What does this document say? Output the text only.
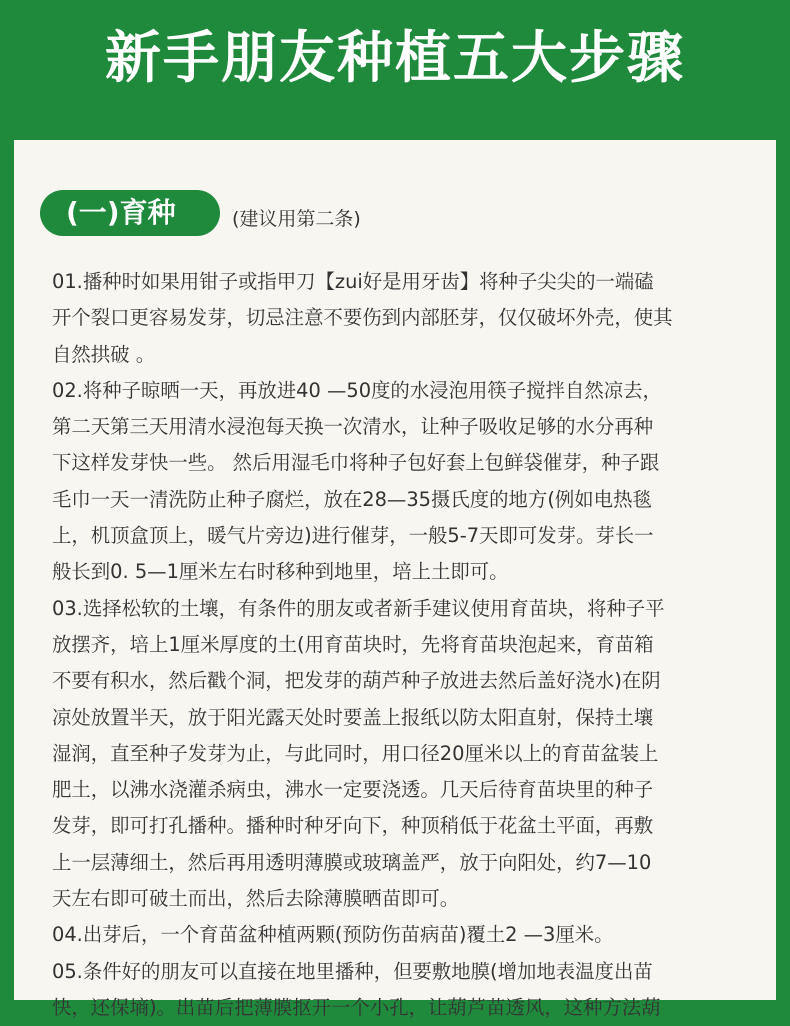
新手朋友种植五大步骤
(一)育种	(建议用第二条)
01.播种时如果用钳子或指甲刀【zui好是用牙齿】将种子尖尖的一端磕
开个裂口更容易发芽，切忌注意不要伤到内部胚芽，仅仅破坏外壳，使其
自然拱破 。
02.将种子晾晒一天，再放进40 —50度的水浸泡用筷子搅拌自然凉去，
第二天第三天用清水浸泡每天换一次清水，让种子吸收足够的水分再种
下这样发芽快一些。 然后用湿毛巾将种子包好套上包鲜袋催芽，种子跟
毛巾一天一清洗防止种子腐烂，放在28—35摄氏度的地方(例如电热毯
上，机顶盒顶上，暖气片旁边)进行催芽，一般5-7天即可发芽。芽长一
般长到0. 5—1厘米左右时移种到地里，培上土即可。
03.选择松软的土壤，有条件的朋友或者新手建议使用育苗块，将种子平
放摆齐，培上1厘米厚度的土(用育苗块时，先将育苗块泡起来，育苗箱
不要有积水，然后戳个洞，把发芽的葫芦种子放进去然后盖好浇水)在阴
凉处放置半天，放于阳光露天处时要盖上报纸以防太阳直射，保持土壤
湿润，直至种子发芽为止，与此同时，用口径20厘米以上的育苗盆装上
肥土，以沸水浇灌杀病虫，沸水一定要浇透。几天后待育苗块里的种子
发芽，即可打孔播种。播种时种牙向下，种顶稍低于花盆土平面，再敷
上一层薄细土，然后再用透明薄膜或玻璃盖严，放于向阳处，约7—10
天左右即可破土而出，然后去除薄膜晒苗即可。
04.出芽后，一个育苗盆种植两颗(预防伤苗病苗)覆土2 —3厘米。
05.条件好的朋友可以直接在地里播种，但要敷地膜(增加地表温度出苗
快，还保墒)。出苗后把薄膜抠开一个小孔，让葫芦苗透风，这种方法葫
